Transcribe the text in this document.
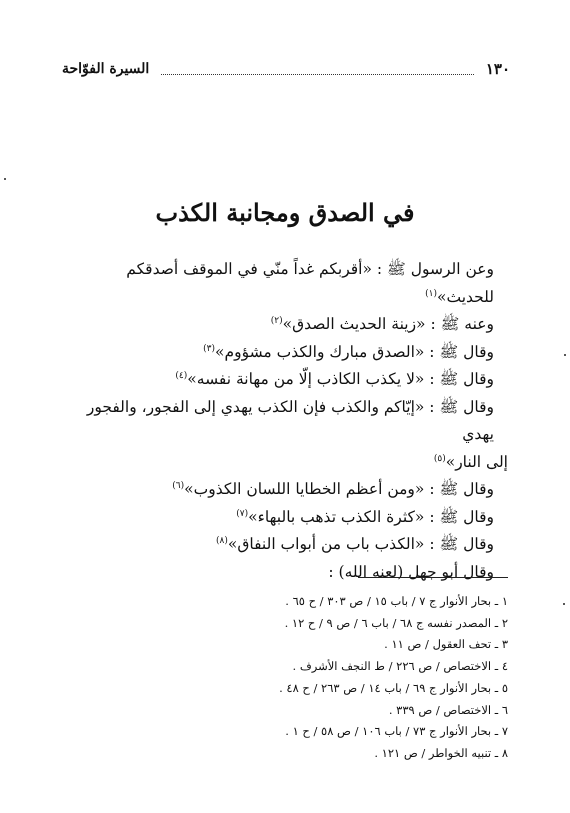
١٣٠
السيرة الفوّاحة
في الصدق ومجانبة الكذب

وعن الرسول ﷺ : «أقربكم غداً منّي في الموقف أصدقكم للحديث»$^{(١)}$

وعنه ﷺ : «زينة الحديث الصدق»$^{(٢)}$

وقال ﷺ : «الصدق مبارك والكذب مشؤوم»$^{(٣)}$

وقال ﷺ : «لا يكذب الكاذب إلّا من مهانة نفسه»$^{(٤)}$

وقال ﷺ : «إيّاكم والكذب فإن الكذب يهدي إلى الفجور، والفجور يهدي

إلى النار»$^{(٥)}$

وقال ﷺ : «ومن أعظم الخطايا اللسان الكذوب»$^{(٦)}$

وقال ﷺ : «كثرة الكذب تذهب بالبهاء»$^{(٧)}$

وقال ﷺ : «الكذب باب من أبواب النفاق»$^{(٨)}$

وقال أبو جهل (لعنه الله) :

١ ـ بحار الأنوار ج ٧ / باب ١٥ / ص ٣٠٣ / ح ٦٥ .

٢ ـ المصدر نفسه ج ٦٨ / باب ٦ / ص ٩ / ح ١٢ .

٣ ـ تحف العقول / ص ١١ .

٤ ـ الاختصاص / ص ٢٢٦ / ط النجف الأشرف .

٥ ـ بحار الأنوار ج ٦٩ / باب ١٤ / ص ٢٦٣ / ح ٤٨ .

٦ ـ الاختصاص / ص ٣٣٩ .

٧ ـ بحار الأنوار ج ٧٣ / باب ١٠٦ / ص ٥٨ / ح ١ .

٨ ـ تنبيه الخواطر / ص ١٢١ .
